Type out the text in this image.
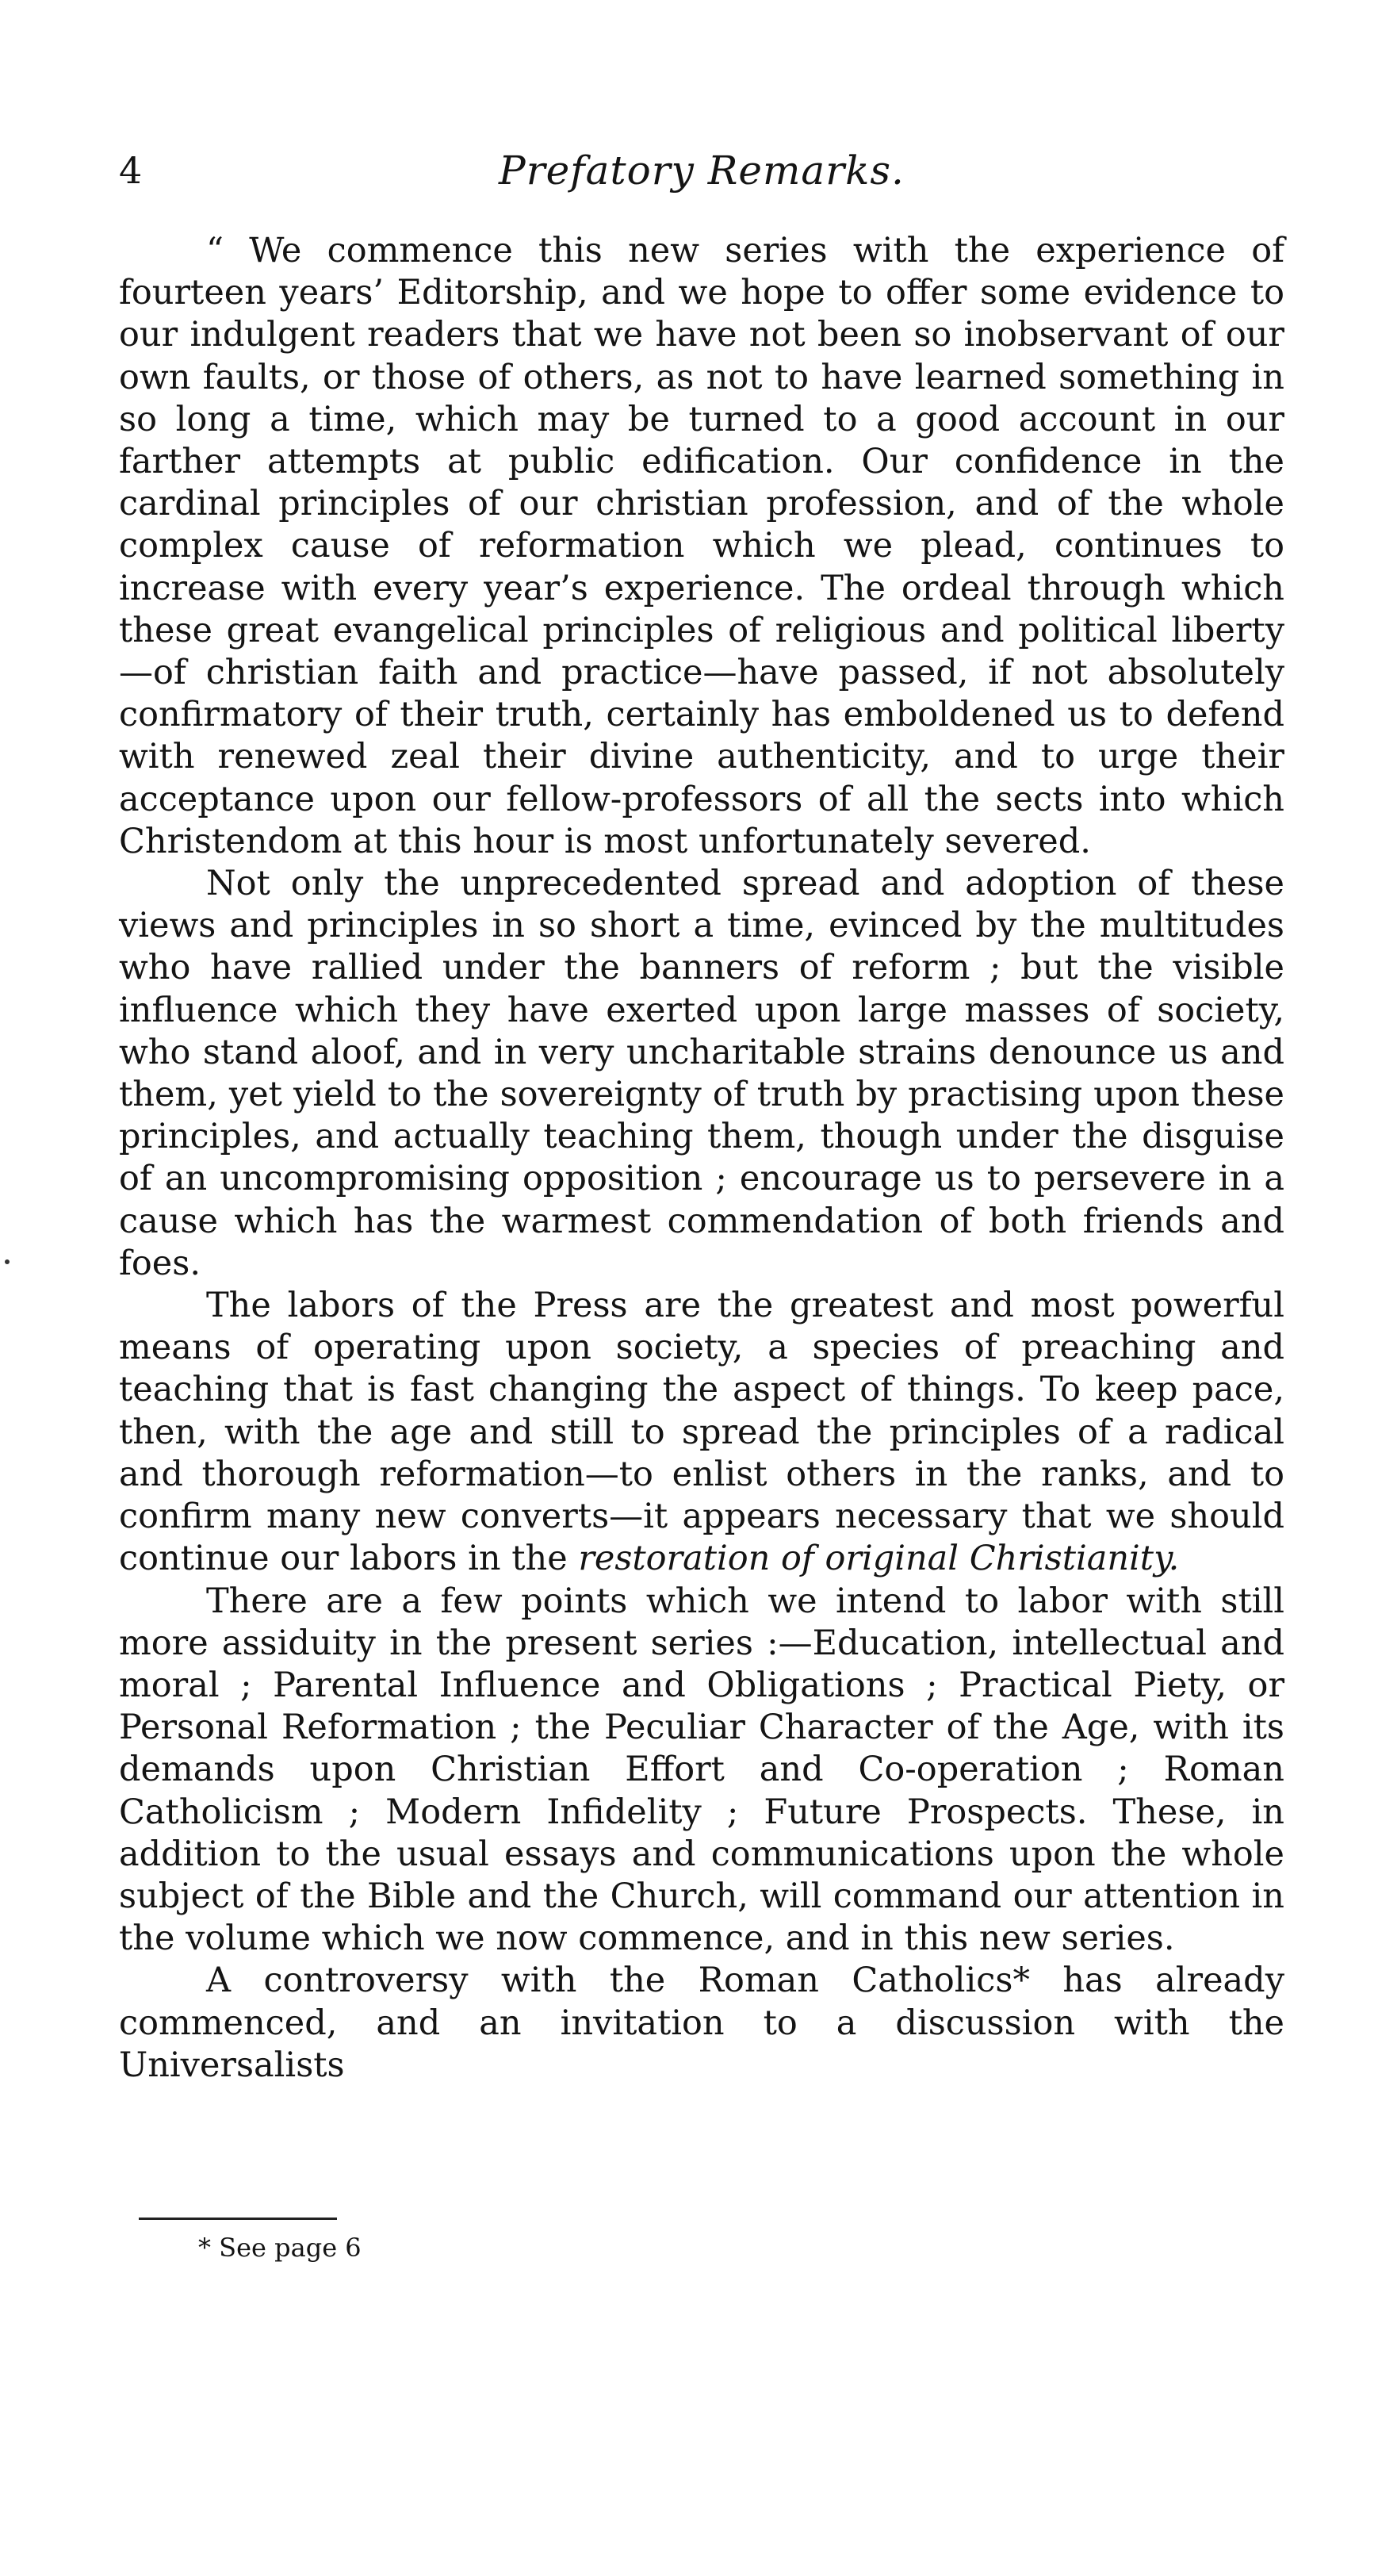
4	Prefatory Remarks.

“ We commence this new series with the experience of fourteen years’ Editorship, and we hope to offer some evidence to our indulgent readers that we have not been so inobservant of our own faults, or those of others, as not to have learned something in so long a time, which may be turned to a good account in our farther attempts at public edification. Our confidence in the cardinal principles of our christian profession, and of the whole complex cause of reformation which we plead, continues to increase with every year’s experience. The ordeal through which these great evangelical principles of religious and political liberty—of christian faith and practice—have passed, if not absolutely confirmatory of their truth, certainly has emboldened us to defend with renewed zeal their divine authenticity, and to urge their acceptance upon our fellow-professors of all the sects into which Christendom at this hour is most unfortunately severed.

Not only the unprecedented spread and adoption of these views and principles in so short a time, evinced by the multitudes who have rallied under the banners of reform ; but the visible influence which they have exerted upon large masses of society, who stand aloof, and in very uncharitable strains denounce us and them, yet yield to the sovereignty of truth by practising upon these principles, and actually teaching them, though under the disguise of an uncompromising opposition ; encourage us to persevere in a cause which has the warmest commendation of both friends and foes.

The labors of the Press are the greatest and most powerful means of operating upon society, a species of preaching and teaching that is fast changing the aspect of things. To keep pace, then, with the age and still to spread the principles of a radical and thorough reformation—to enlist others in the ranks, and to confirm many new converts—it appears necessary that we should continue our labors in the restoration of original Christianity.

There are a few points which we intend to labor with still more assiduity in the present series :—Education, intellectual and moral ; Parental Influence and Obligations ; Practical Piety, or Personal Reformation ; the Peculiar Character of the Age, with its demands upon Christian Effort and Co-operation ; Roman Catholicism ; Modern Infidelity ; Future Prospects. These, in addition to the usual essays and communications upon the whole subject of the Bible and the Church, will command our attention in the volume which we now commence, and in this new series.

A controversy with the Roman Catholics* has already commenced, and an invitation to a discussion with the Universalists

* See page 6
